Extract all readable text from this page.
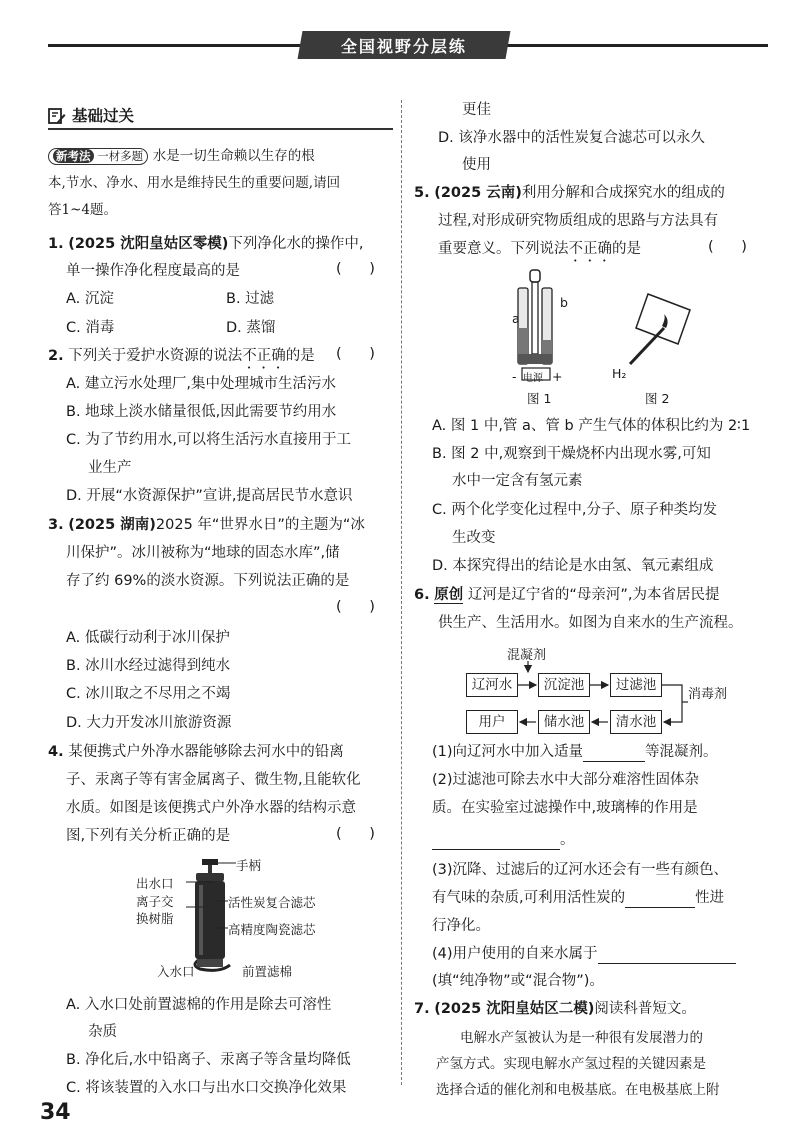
全国视野分层练
基础过关
新考法 一材多题 水是一切生命赖以生存的根
本,节水、净水、用水是维持民生的重要问题,请回
答1~4题。
1. (2025 沈阳皇姑区零模)下列净化水的操作中,
单一操作净化程度最高的是	(      )
A. 沉淀	B. 过滤
C. 消毒	D. 蒸馏
2. 下列关于爱护水资源的说法不正确的是 (      )
A. 建立污水处理厂,集中处理城市生活污水
B. 地球上淡水储量很低,因此需要节约用水
C. 为了节约用水,可以将生活污水直接用于工
业生产
D. 开展“水资源保护”宣讲,提高居民节水意识
3. (2025 湖南)2025 年“世界水日”的主题为“冰
川保护”。冰川被称为“地球的固态水库”,储
存了约 69%的淡水资源。下列说法正确的是
(      )
A. 低碳行动利于冰川保护
B. 冰川水经过滤得到纯水
C. 冰川取之不尽用之不竭
D. 大力开发冰川旅游资源
4. 某便携式户外净水器能够除去河水中的铅离
子、汞离子等有害金属离子、微生物,且能软化
水质。如图是该便携式户外净水器的结构示意
图,下列有关分析正确的是	(      )
手柄
出水口
离子交
换树脂
活性炭复合滤芯
高精度陶瓷滤芯
入水口	前置滤棉
A. 入水口处前置滤棉的作用是除去可溶性
杂质
B. 净化后,水中铅离子、汞离子等含量均降低
C. 将该装置的入水口与出水口交换净化效果
34
更佳
D. 该净水器中的活性炭复合滤芯可以永久
使用
5. (2025 云南)利用分解和合成探究水的组成的
过程,对形成研究物质组成的思路与方法具有
重要意义。下列说法不正确的是	(      )
a
b
电源
-	+
图 1
H₂
图 2
A. 图 1 中,管 a、管 b 产生气体的体积比约为 2∶1
B. 图 2 中,观察到干燥烧杯内出现水雾,可知
水中一定含有氢元素
C. 两个化学变化过程中,分子、原子种类均发
生改变
D. 本探究得出的结论是水由氢、氧元素组成
6. 原创 辽河是辽宁省的“母亲河”,为本省居民提
供生产、生活用水。如图为自来水的生产流程。
混凝剂
辽河水	沉淀池	过滤池
消毒剂
清水池
储水池
用户
(1)向辽河水中加入适量	等混凝剂。
(2)过滤池可除去水中大部分难溶性固体杂
质。在实验室过滤操作中,玻璃棒的作用是
。
(3)沉降、过滤后的辽河水还会有一些有颜色、
有气味的杂质,可利用活性炭的	性进
行净化。
(4)用户使用的自来水属于
(填“纯净物”或“混合物”)。
7. (2025 沈阳皇姑区二模)阅读科普短文。
电解水产氢被认为是一种很有发展潜力的
产氢方式。实现电解水产氢过程的关键因素是
选择合适的催化剂和电极基底。在电极基底上附
